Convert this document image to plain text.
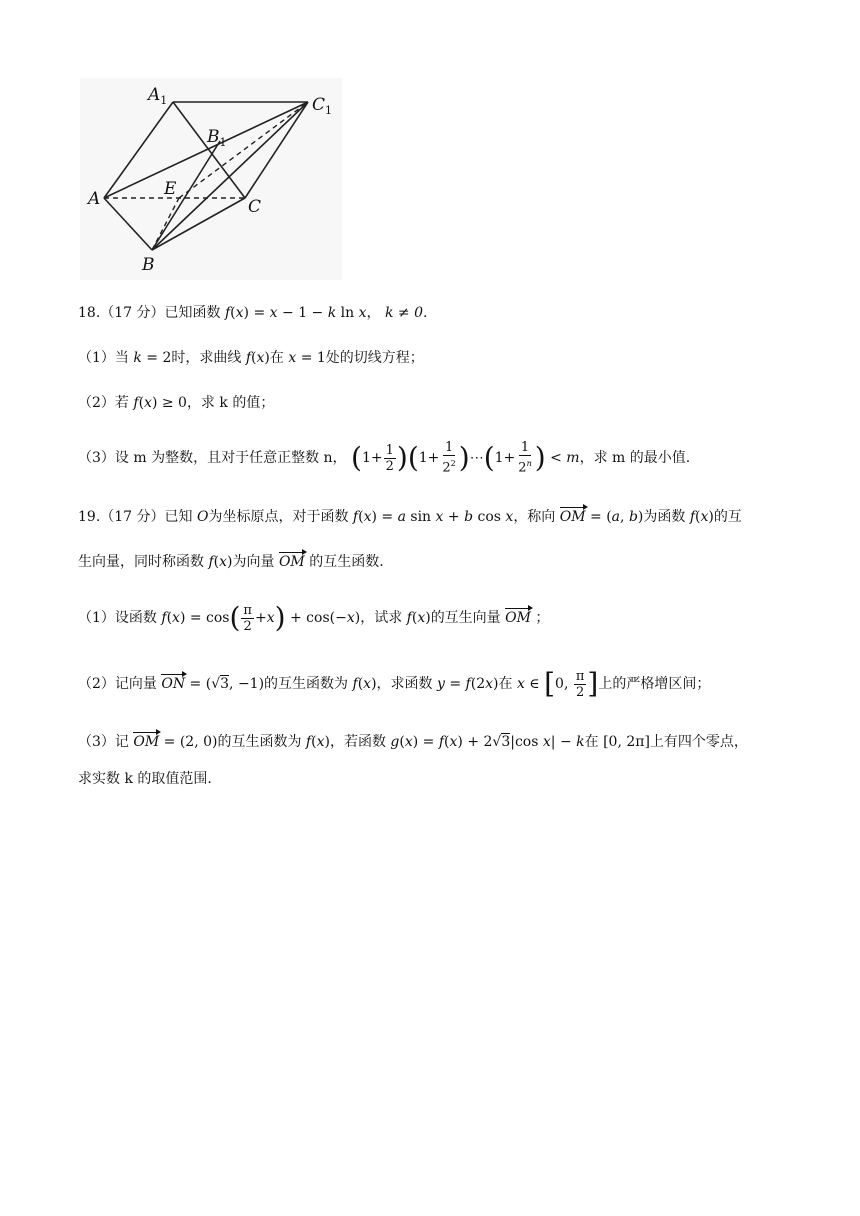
$A_1$
$B_1$
$C_1$
A
B
C
E
18.（17 分）已知函数 f(x) = x − 1 − k ln x， k ≠ 0.
（1）当 k = 2时，求曲线 f(x)在 x = 1处的切线方程；
（2）若 f(x) ≥ 0，求 k 的值；
（3）设 m 为整数，且对于任意正整数 n， $(1+ \frac{1}{2} )(1+ \frac{1}{2^2}$ )⋯(1+ $\frac{1}{2^n}$ ) < m，求 m 的最小值.
19.（17 分）已知 O为坐标原点，对于函数 f(x) = a sin x + b cos x，称向 OM = (a, b)为函数 f(x)的互
生向量，同时称函数 f(x)为向量 OM 的互生函数.
（1）设函数 $f(x) = \cos( \frac{\pi}{2} +x) + \cos(-x)$，试求 f(x)的互生向量 OM ；
（2）记向量 ON = (√3, −1)的互生函数为 f(x)，求函数 y = f(2x)在 x ∈ [0, $\frac{\pi}{2}$ ]上的严格增区间；
（3）记 OM = (2, 0)的互生函数为 f(x)，若函数 g(x) = f(x) + 2√3|cos x| − k在 [0, 2π]上有四个零点，
求实数 k 的取值范围.
